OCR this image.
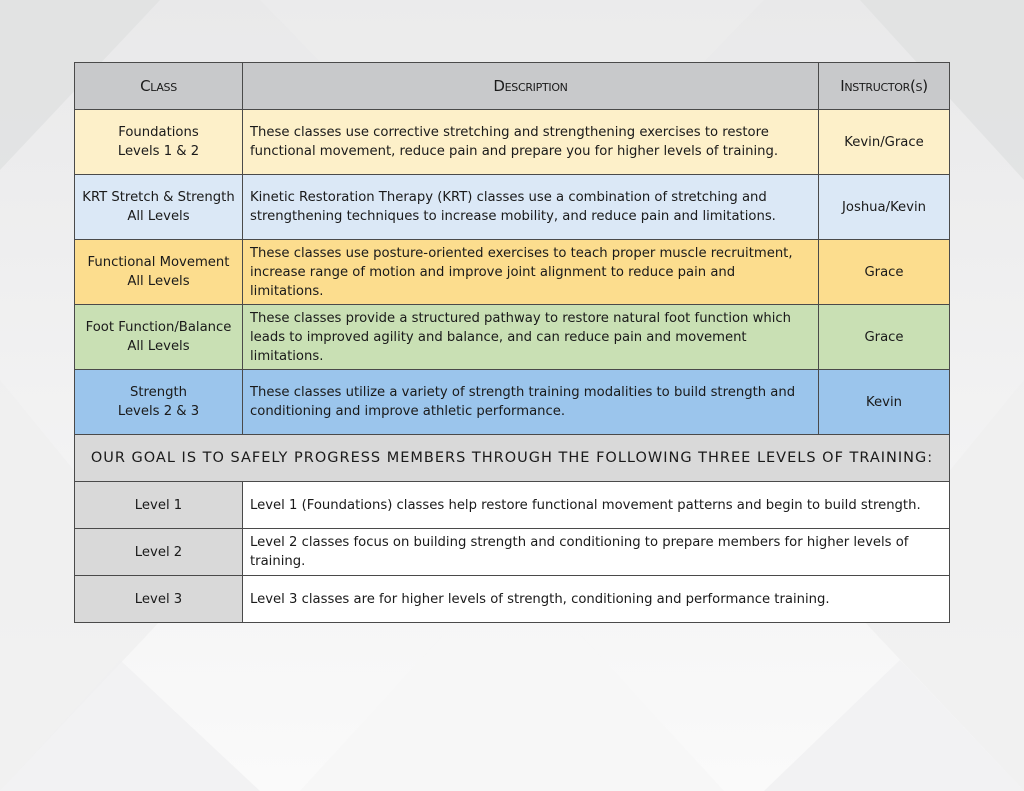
Class	Description	Instructor(s)

Foundations
Levels 1 & 2	These classes use corrective stretching and strengthening exercises to restore functional movement, reduce pain and prepare you for higher levels of training.	Kevin/Grace

KRT Stretch & Strength
All Levels	Kinetic Restoration Therapy (KRT) classes use a combination of stretching and strengthening techniques to increase mobility, and reduce pain and limitations.	Joshua/Kevin

Functional Movement
All Levels	These classes use posture-oriented exercises to teach proper muscle recruitment, increase range of motion and improve joint alignment to reduce pain and limitations.	Grace

Foot Function/Balance
All Levels	These classes provide a structured pathway to restore natural foot function which leads to improved agility and balance, and can reduce pain and movement limitations.	Grace

Strength
Levels 2 & 3	These classes utilize a variety of strength training modalities to build strength and conditioning and improve athletic performance.	Kevin
OUR GOAL IS TO SAFELY PROGRESS MEMBERS THROUGH THE FOLLOWING THREE LEVELS OF TRAINING:		
Level 1	Level 1 (Foundations) classes help restore functional movement patterns and begin to build strength.	
Level 2	Level 2 classes focus on building strength and conditioning to prepare members for higher levels of training.	
Level 3	Level 3 classes are for higher levels of strength, conditioning and performance training.	
